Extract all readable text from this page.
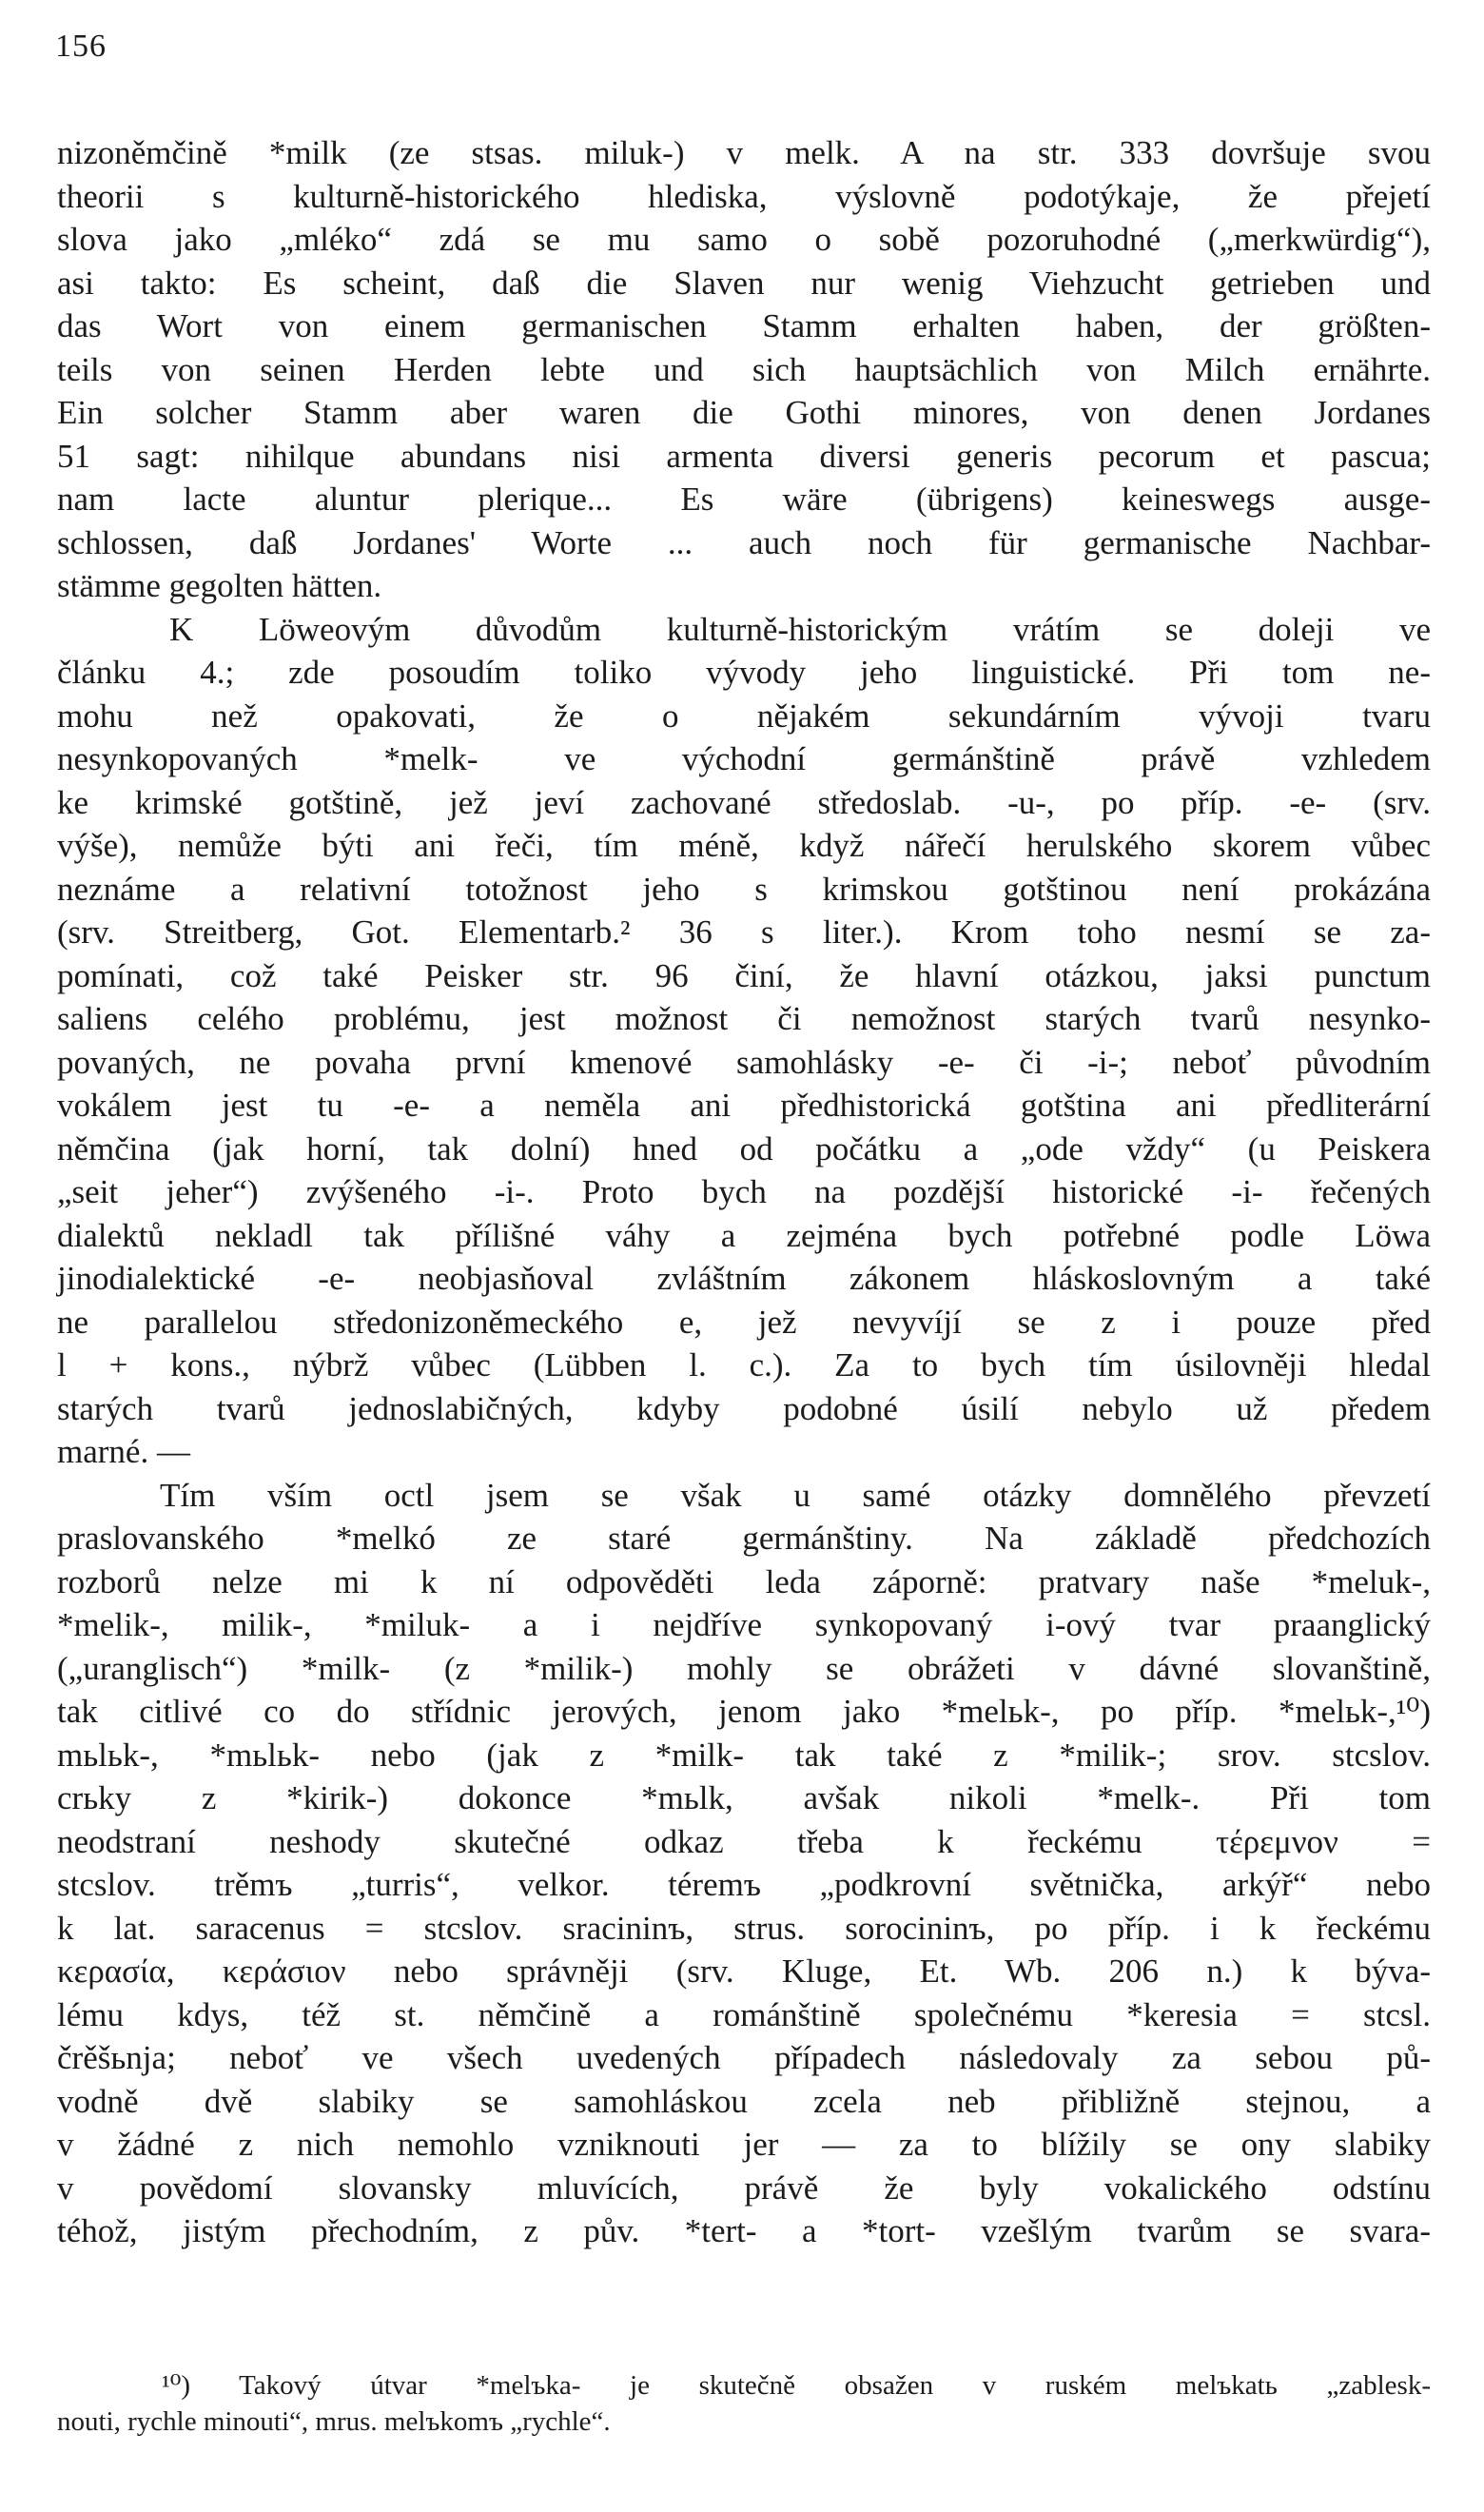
156
nizoněmčině *milk (ze stsas. miluk-) v melk. A na str. 333 dovršuje svou
theorii s kulturně-historického hlediska, výslovně podotýkaje, že přejetí
slova jako „mléko“ zdá se mu samo o sobě pozoruhodné („merkwürdig“),
asi takto: Es scheint, daß die Slaven nur wenig Viehzucht getrieben und
das Wort von einem germanischen Stamm erhalten haben, der größten-
teils von seinen Herden lebte und sich hauptsächlich von Milch ernährte.
Ein solcher Stamm aber waren die Gothi minores, von denen Jordanes
51 sagt: nihilque abundans nisi armenta diversi generis pecorum et pascua;
nam lacte aluntur plerique... Es wäre (übrigens) keineswegs ausge-
schlossen, daß Jordanes' Worte ... auch noch für germanische Nachbar-
stämme gegolten hätten.
K Löweovým důvodům kulturně-historickým vrátím se doleji ve
článku 4.; zde posoudím toliko vývody jeho linguistické. Při tom ne-
mohu než opakovati, že o nějakém sekundárním vývoji tvaru
nesynkopovaných *melk- ve východní germánštině právě vzhledem
ke krimské gotštině, jež jeví zachované středoslab. -u-, po příp. -e- (srv.
výše), nemůže býti ani řeči, tím méně, když nářečí herulského skorem vůbec
neznáme a relativní totožnost jeho s krimskou gotštinou není prokázána
(srv. Streitberg, Got. Elementarb.² 36 s liter.). Krom toho nesmí se za-
pomínati, což také Peisker str. 96 činí, že hlavní otázkou, jaksi punctum
saliens celého problému, jest možnost či nemožnost starých tvarů nesynko-
povaných, ne povaha první kmenové samohlásky -e- či -i-; neboť původním
vokálem jest tu -e- a neměla ani předhistorická gotština ani předliterární
němčina (jak horní, tak dolní) hned od počátku a „ode vždy“ (u Peiskera
„seit jeher“) zvýšeného -i-. Proto bych na pozdější historické -i- řečených
dialektů nekladl tak přílišné váhy a zejména bych potřebné podle Löwa
jinodialektické -e- neobjasňoval zvláštním zákonem hláskoslovným a také
ne parallelou středonizoněmeckého e, jež nevyvíjí se z i pouze před
l + kons., nýbrž vůbec (Lübben l. c.). Za to bych tím úsilovněji hledal
starých tvarů jednoslabičných, kdyby podobné úsilí nebylo už předem
marné. —
Tím vším octl jsem se však u samé otázky domnělého převzetí
praslovanského *melkó ze staré germánštiny. Na základě předchozích
rozborů nelze mi k ní odpověděti leda záporně: pratvary naše *meluk-,
*melik-, milik-, *miluk- a i nejdříve synkopovaný i-ový tvar praanglický
(„uranglisch“) *milk- (z *milik-) mohly se obrážeti v dávné slovanštině,
tak citlivé co do střídnic jerových, jenom jako *melьk-, po příp. *melьk-,¹⁰)
mьlьk-, *mьlьk- nebo (jak z *milk- tak také z *milik-; srov. stcslov.
crьky z *kirik-) dokonce *mьlk, avšak nikoli *melk-. Při tom
neodstraní neshody skutečné odkaz třeba k řeckému τέρεμνον =
stcslov. trěmъ „turris“, velkor. téremъ „podkrovní světnička, arkýř“ nebo
k lat. saracenus = stcslov. sracininъ, strus. sorocininъ, po příp. i k řeckému
κερασία, κεράσιον nebo správněji (srv. Kluge, Et. Wb. 206 n.) k býva-
lému kdys, též st. němčině a románštině společnému *keresia = stcsl.
črěšьnja; neboť ve všech uvedených případech následovaly za sebou pů-
vodně dvě slabiky se samohláskou zcela neb přibližně stejnou, a
v žádné z nich nemohlo vzniknouti jer — za to blížily se ony slabiky
v povědomí slovansky mluvících, právě že byly vokalického odstínu
téhož, jistým přechodním, z pův. *tert- a *tort- vzešlým tvarům se svara-
¹⁰) Takový útvar *melъka- je skutečně obsažen v ruském melъkatь „zablesk-
nouti, rychle minouti“, mrus. melъkomъ „rychle“.
